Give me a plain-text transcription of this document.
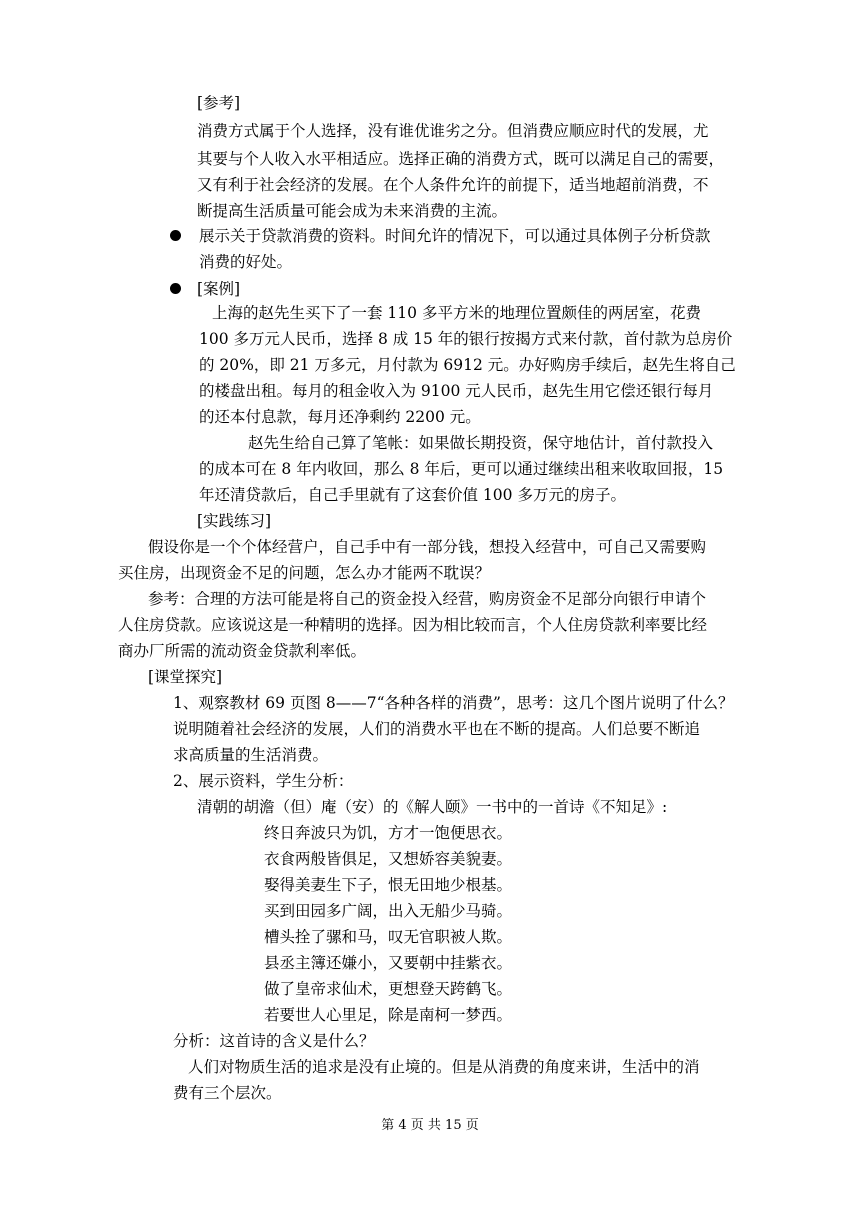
[参考]
消费方式属于个人选择，没有谁优谁劣之分。但消费应顺应时代的发展，尤
其要与个人收入水平相适应。选择正确的消费方式，既可以满足自己的需要，
又有利于社会经济的发展。在个人条件允许的前提下，适当地超前消费，不
断提高生活质量可能会成为未来消费的主流。
展示关于贷款消费的资料。时间允许的情况下，可以通过具体例子分析贷款
消费的好处。
[案例]
上海的赵先生买下了一套 110 多平方米的地理位置颇佳的两居室，花费
100 多万元人民币，选择 8 成 15 年的银行按揭方式来付款，首付款为总房价
的 20%，即 21 万多元，月付款为 6912 元。办好购房手续后，赵先生将自己
的楼盘出租。每月的租金收入为 9100 元人民币，赵先生用它偿还银行每月
的还本付息款，每月还净剩约 2200 元。
赵先生给自己算了笔帐：如果做长期投资，保守地估计，首付款投入
的成本可在 8 年内收回，那么 8 年后，更可以通过继续出租来收取回报，15
年还清贷款后，自己手里就有了这套价值 100 多万元的房子。
[实践练习]
假设你是一个个体经营户，自己手中有一部分钱，想投入经营中，可自己又需要购
买住房，出现资金不足的问题，怎么办才能两不耽误？
参考：合理的方法可能是将自己的资金投入经营，购房资金不足部分向银行申请个
人住房贷款。应该说这是一种精明的选择。因为相比较而言，个人住房贷款利率要比经
商办厂所需的流动资金贷款利率低。
[课堂探究]
1、观察教材 69 页图 8——7“各种各样的消费”，思考：这几个图片说明了什么？
说明随着社会经济的发展，人们的消费水平也在不断的提高。人们总要不断追
求高质量的生活消费。
2、展示资料，学生分析：
清朝的胡澹（但）庵（安）的《解人颐》一书中的一首诗《不知足》:
终日奔波只为饥，方才一饱便思衣。
衣食两般皆俱足，又想娇容美貌妻。
娶得美妻生下子，恨无田地少根基。
买到田园多广阔，出入无船少马骑。
槽头拴了骡和马，叹无官职被人欺。
县丞主簿还嫌小，又要朝中挂紫衣。
做了皇帝求仙术，更想登天跨鹤飞。
若要世人心里足，除是南柯一梦西。
分析：这首诗的含义是什么？
人们对物质生活的追求是没有止境的。但是从消费的角度来讲，生活中的消
费有三个层次。
第 4 页 共 15 页
